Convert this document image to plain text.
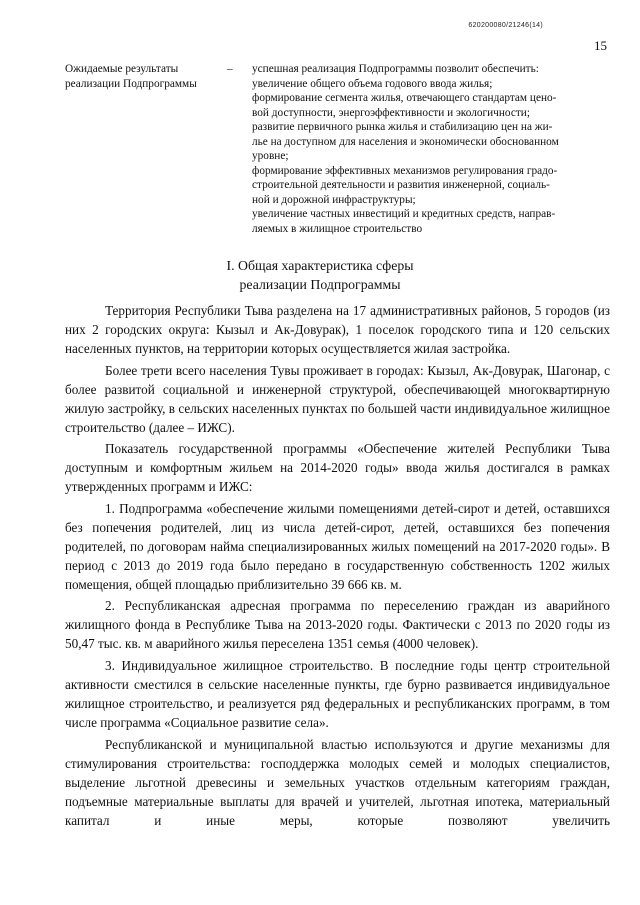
620200080/21246(14)
15
Ожидаемые результаты
реализации Подпрограммы
– успешная реализация Подпрограммы позволит обеспечить:
увеличение общего объема годового ввода жилья;
формирование сегмента жилья, отвечающего стандартам цено-
вой доступности, энергоэффективности и экологичности;
развитие первичного рынка жилья и стабилизацию цен на жи-
лье на доступном для населения и экономически обоснованном
уровне;
формирование эффективных механизмов регулирования градо-
строительной деятельности и развития инженерной, социаль-
ной и дорожной инфраструктуры;
увеличение частных инвестиций и кредитных средств, направ-
ляемых в жилищное строительство
I. Общая характеристика сферы
реализации Подпрограммы

Территория Республики Тыва разделена на 17 административных районов, 5 городов (из них 2 городских округа: Кызыл и Ак-Довурак), 1 поселок городского типа и 120 сельских населенных пунктов, на территории которых осуществляется жилая застройка.

Более трети всего населения Тувы проживает в городах: Кызыл, Ак-Довурак, Шагонар, с более развитой социальной и инженерной структурой, обеспечивающей многоквартирную жилую застройку, в сельских населенных пунктах по большей части индивидуальное жилищное строительство (далее – ИЖС).

Показатель государственной программы «Обеспечение жителей Республики Тыва доступным и комфортным жильем на 2014-2020 годы» ввода жилья достигался в рамках утвержденных программ и ИЖС:

1. Подпрограмма «обеспечение жилыми помещениями детей-сирот и детей, оставшихся без попечения родителей, лиц из числа детей-сирот, детей, оставшихся без попечения родителей, по договорам найма специализированных жилых помещений на 2017-2020 годы». В период с 2013 до 2019 года было передано в государственную собственность 1202 жилых помещения, общей площадью приблизительно 39 666 кв. м.

2. Республиканская адресная программа по переселению граждан из аварийного жилищного фонда в Республике Тыва на 2013-2020 годы. Фактически с 2013 по 2020 годы из 50,47 тыс. кв. м аварийного жилья переселена 1351 семья (4000 человек).

3. Индивидуальное жилищное строительство. В последние годы центр строительной активности сместился в сельские населенные пункты, где бурно развивается индивидуальное жилищное строительство, и реализуется ряд федеральных и республиканских программ, в том числе программа «Социальное развитие села».

Республиканской и муниципальной властью используются и другие механизмы для стимулирования строительства: господдержка молодых семей и молодых специалистов, выделение льготной древесины и земельных участков отдельным категориям граждан, подъемные материальные выплаты для врачей и учителей, льготная ипотека, материальный капитал и иные меры, которые позволяют увеличить
